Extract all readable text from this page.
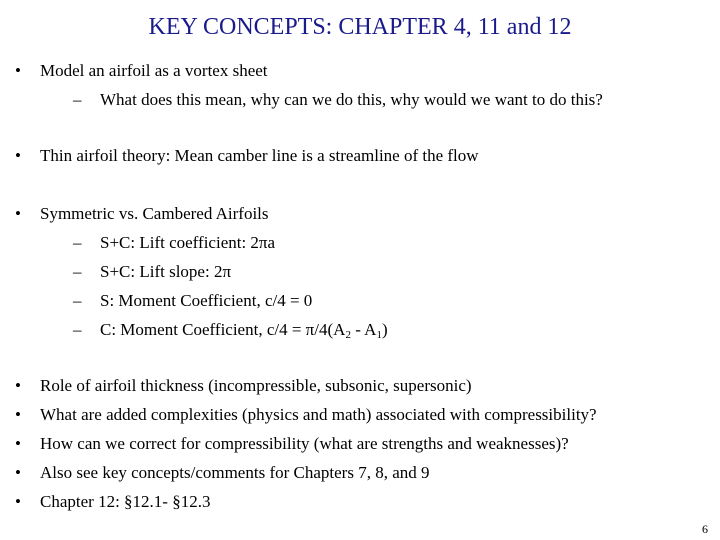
KEY CONCEPTS: CHAPTER 4, 11 and 12
• Model an airfoil as a vortex sheet
– What does this mean, why can we do this, why would we want to do this?
• Thin airfoil theory: Mean camber line is a streamline of the flow
• Symmetric vs. Cambered Airfoils
– S+C: Lift coefficient: 2πa
– S+C: Lift slope: 2π
– S: Moment Coefficient, c/4 = 0
– C: Moment Coefficient, $c/4 = \pi/4(A_2 - A_1)$
• Role of airfoil thickness (incompressible, subsonic, supersonic)
• What are added complexities (physics and math) associated with compressibility?
• How can we correct for compressibility (what are strengths and weaknesses)?
• Also see key concepts/comments for Chapters 7, 8, and 9
• Chapter 12: §12.1- §12.3
6
